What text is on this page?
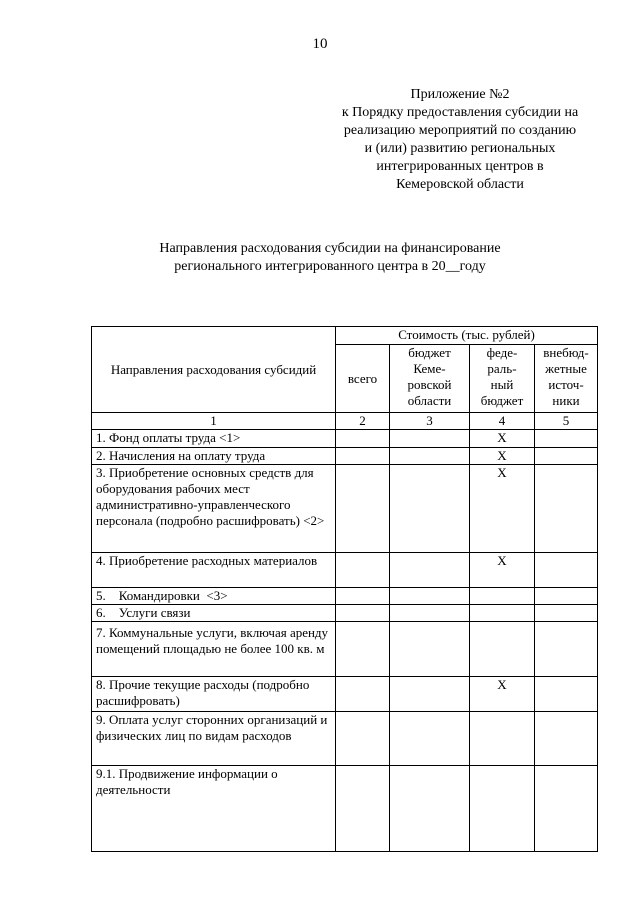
10
Приложение №2
к Порядку предоставления субсидии на
реализацию мероприятий по созданию
и (или) развитию региональных
интегрированных центров в
Кемеровской области
Направления расходования субсидии на финансирование
регионального интегрированного центра в 20__году
Направления расходования субсидий	Стоимость (тыс. рублей)			
	всего	бюджет Кеме-ровской области	феде-раль-ный бюджет	внебюд-жетные источ-ники
1	2	3	4	5
1. Фонд оплаты труда <1>			X	
2. Начисления на оплату труда			X	
3. Приобретение основных средств для оборудования рабочих мест административно-управленческого персонала (подробно расшифровать) <2>			X	
4. Приобретение расходных материалов			X	
5.    Командировки  <3>				
6.    Услуги связи				
7. Коммунальные услуги, включая аренду помещений площадью не более 100 кв. м				
8. Прочие текущие расходы (подробно расшифровать)			X	
9. Оплата услуг сторонних организаций и физических лиц по видам расходов				
9.1. Продвижение информации о деятельности				
